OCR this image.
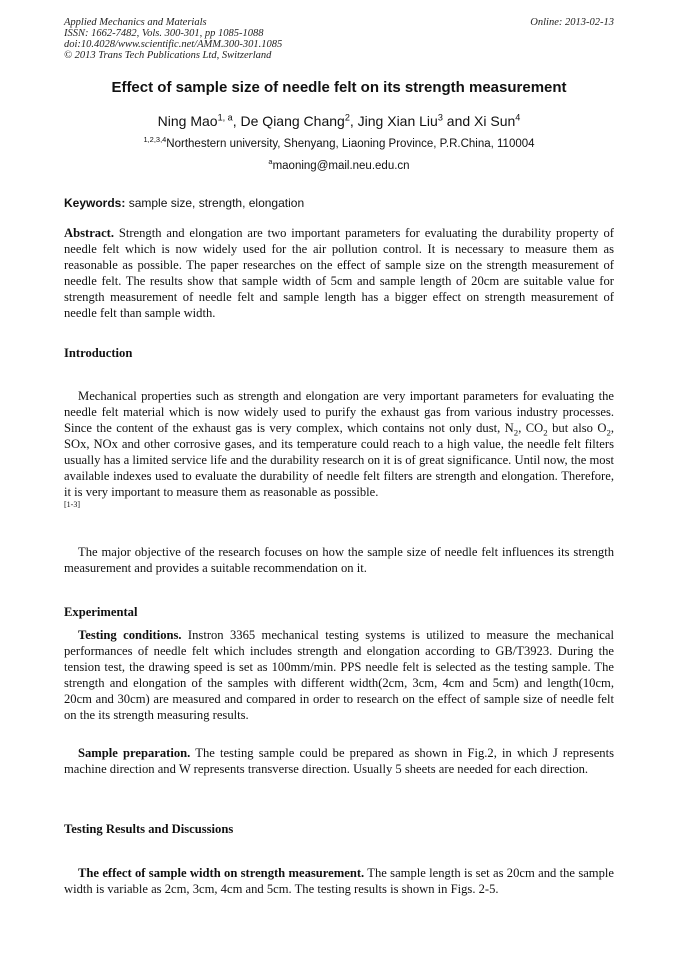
Applied Mechanics and Materials
ISSN: 1662-7482, Vols. 300-301, pp 1085-1088
doi:10.4028/www.scientific.net/AMM.300-301.1085
© 2013 Trans Tech Publications Ltd, Switzerland
Online: 2013-02-13
Effect of sample size of needle felt on its strength measurement
Ning Mao$^{1, a}$, De Qiang Chang$^2$, Jing Xian Liu$^3$ and Xi Sun$^4$
$^{1,2,3,4}$Northestern university, Shenyang, Liaoning Province, P.R.China, 110004
$^a$maoning@mail.neu.edu.cn
Keywords: sample size, strength, elongation
Abstract. Strength and elongation are two important parameters for evaluating the durability property of needle felt which is now widely used for the air pollution control. It is necessary to measure them as reasonable as possible. The paper researches on the effect of sample size on the strength measurement of needle felt. The results show that sample width of 5cm and sample length of 20cm are suitable value for strength measurement of needle felt and sample length has a bigger effect on strength measurement of needle felt than sample width.
Introduction
Mechanical properties such as strength and elongation are very important parameters for evaluating the needle felt material which is now widely used to purify the exhaust gas from various industry processes. Since the content of the exhaust gas is very complex, which contains not only dust, $N_2$, $CO_2$ but also $O_2$, SOx, NOx and other corrosive gases, and its temperature could reach to a high value, the needle felt filters usually has a limited service life and the durability research on it is of great significance. Until now, the most available indexes used to evaluate the durability of needle felt filters are strength and elongation. Therefore, it is very important to measure them as reasonable as possible.
[1-3]
The major objective of the research focuses on how the sample size of needle felt influences its strength measurement and provides a suitable recommendation on it.
Experimental
Testing conditions. Instron 3365 mechanical testing systems is utilized to measure the mechanical performances of needle felt which includes strength and elongation according to GB/T3923. During the tension test, the drawing speed is set as 100mm/min. PPS needle felt is selected as the testing sample. The strength and elongation of the samples with different width(2cm, 3cm, 4cm and 5cm) and length(10cm, 20cm and 30cm) are measured and compared in order to research on the effect of sample size of needle felt on the its strength measuring results.
Sample preparation. The testing sample could be prepared as shown in Fig.2, in which J represents machine direction and W represents transverse direction. Usually 5 sheets are needed for each direction.
Testing Results and Discussions
The effect of sample width on strength measurement. The sample length is set as 20cm and the sample width is variable as 2cm, 3cm, 4cm and 5cm. The testing results is shown in Figs. 2-5.
